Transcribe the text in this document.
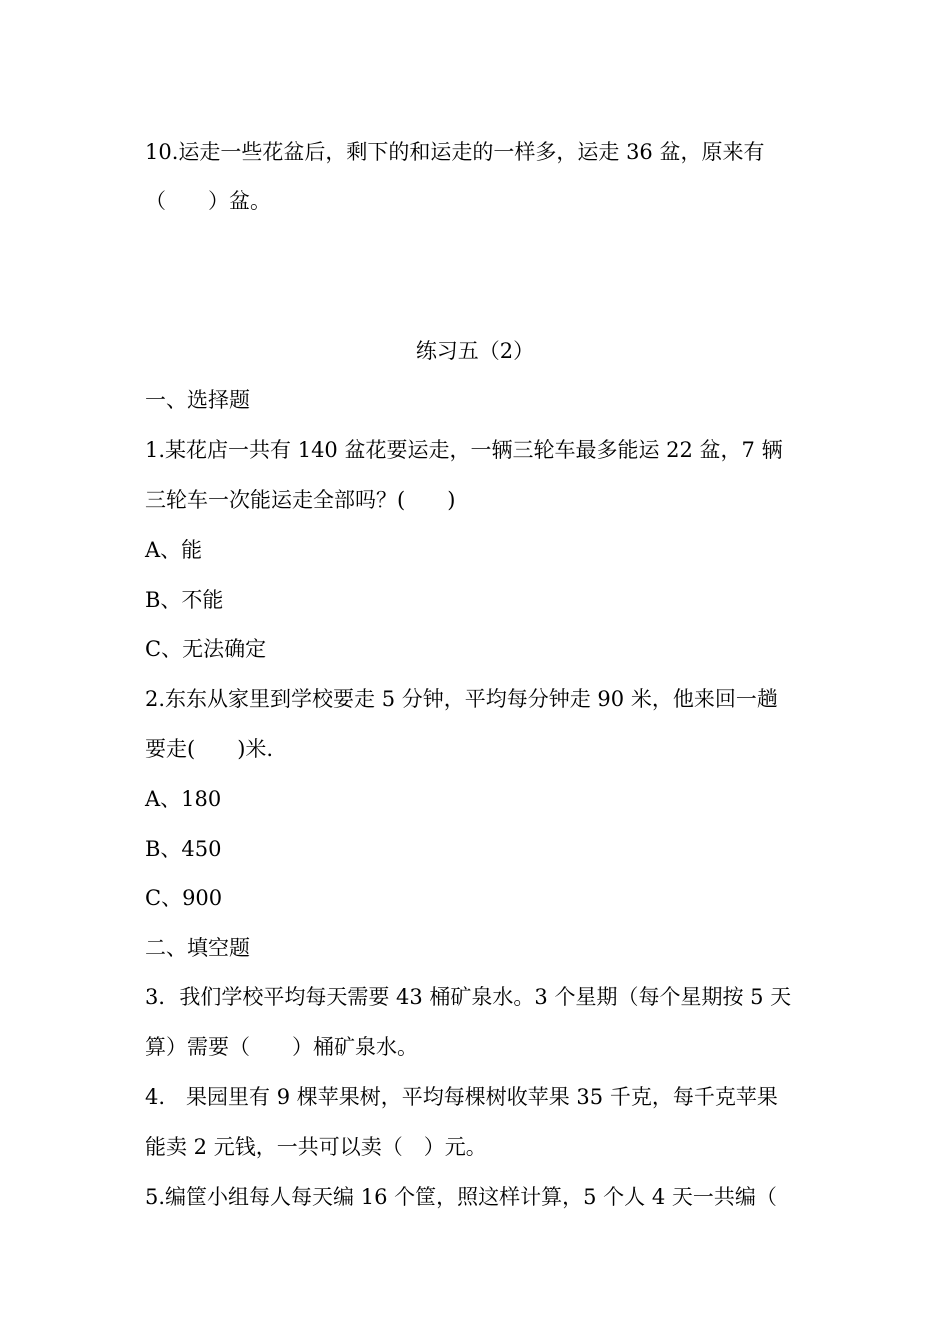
10.运走一些花盆后，剩下的和运走的一样多，运走 36 盆，原来有

（　　）盆。

练习五（2）

一、选择题

1.某花店一共有 140 盆花要运走，一辆三轮车最多能运 22 盆，7 辆

三轮车一次能运走全部吗？(　　)

A、能

B、不能

C、无法确定

2.东东从家里到学校要走 5 分钟，平均每分钟走 90 米，他来回一趟

要走(　　)米.

A、180

B、450

C、900

二、填空题

3．我们学校平均每天需要 43 桶矿泉水。3 个星期（每个星期按 5 天

算）需要（　　）桶矿泉水。

4.　果园里有 9 棵苹果树，平均每棵树收苹果 35 千克，每千克苹果

能卖 2 元钱，一共可以卖（　）元。

5.编筐小组每人每天编 16 个筐，照这样计算，5 个人 4 天一共编（
